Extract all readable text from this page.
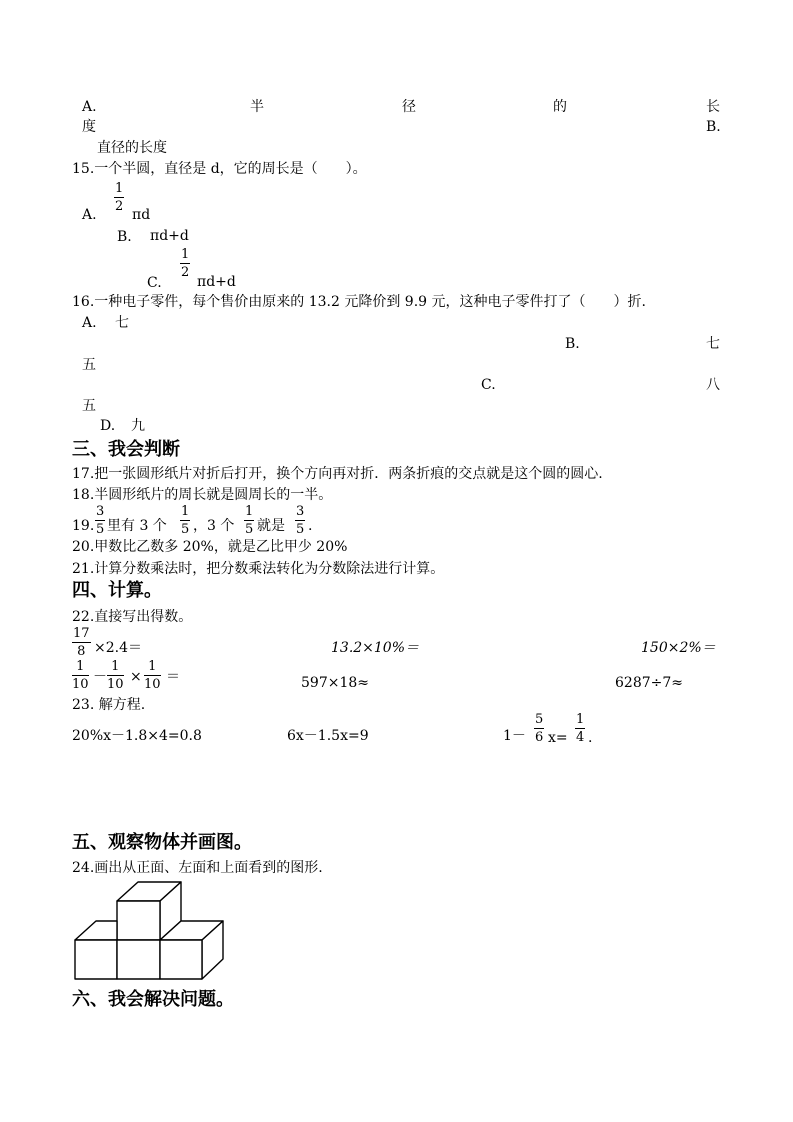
A.	半	径	的	长
度	B.
直径的长度
15.一个半圆，直径是 d，它的周长是（　　）。
A.
$\frac{1}{2}$
πd
B. πd+d
C.
$\frac{1}{2}$
πd+d
16.一种电子零件，每个售价由原来的 13.2 元降价到 9.9 元，这种电子零件打了（　　）折.
A. 七
B.	七
五
C.	八
五
D. 九
三、我会判断
17.把一张圆形纸片对折后打开，换个方向再对折．两条折痕的交点就是这个圆的圆心.
18.半圆形纸片的周长就是圆周长的一半。
19. $\frac{3}{5}$ 里有 3 个 $\frac{1}{5}$ ，3 个 $\frac{1}{5}$ 就是 $\frac{3}{5}$ .
20.甲数比乙数多 20%，就是乙比甲少 20%
21.计算分数乘法时，把分数乘法转化为分数除法进行计算。
四、计算。
22.直接写出得数。
$\frac{17}{8} \times 2.4=$	13.2×10%＝	150×2%＝
$\frac{1}{10} - \frac{1}{10} \times \frac{1}{10}$ ＝	597×18≈	6287÷7≈
23. 解方程.
20%x－1.8×4=0.8	6x－1.5x=9	$1- \frac{5}{6} x= \frac{1}{4}$ .
五、观察物体并画图。
24.画出从正面、左面和上面看到的图形.
六、我会解决问题。
